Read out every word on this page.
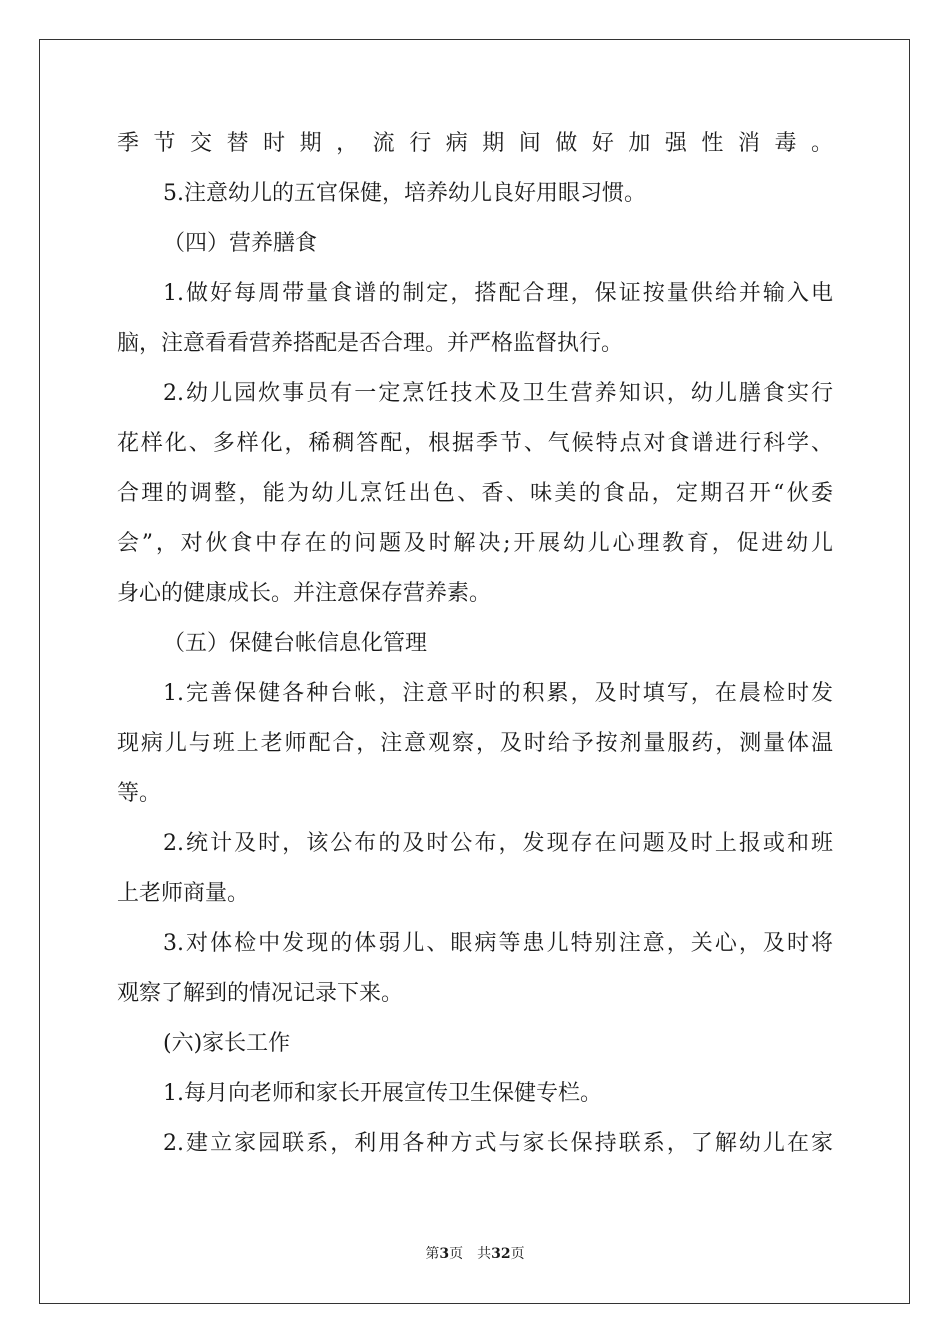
季节交替时期，流行病期间做好加强性消毒。
5.注意幼儿的五官保健，培养幼儿良好用眼习惯。
（四）营养膳食
1.做好每周带量食谱的制定，搭配合理，保证按量供给并输入电
脑，注意看看营养搭配是否合理。并严格监督执行。
2.幼儿园炊事员有一定烹饪技术及卫生营养知识，幼儿膳食实行
花样化、多样化，稀稠答配，根据季节、气候特点对食谱进行科学、
合理的调整，能为幼儿烹饪出色、香、味美的食品，定期召开“伙委
会”，对伙食中存在的问题及时解决;开展幼儿心理教育，促进幼儿
身心的健康成长。并注意保存营养素。
（五）保健台帐信息化管理
1.完善保健各种台帐，注意平时的积累，及时填写，在晨检时发
现病儿与班上老师配合，注意观察，及时给予按剂量服药，测量体温
等。
2.统计及时，该公布的及时公布，发现存在问题及时上报或和班
上老师商量。
3.对体检中发现的体弱儿、眼病等患儿特别注意，关心，及时将
观察了解到的情况记录下来。
(六)家长工作
1.每月向老师和家长开展宣传卫生保健专栏。
2.建立家园联系，利用各种方式与家长保持联系，了解幼儿在家
第3页　共32页
